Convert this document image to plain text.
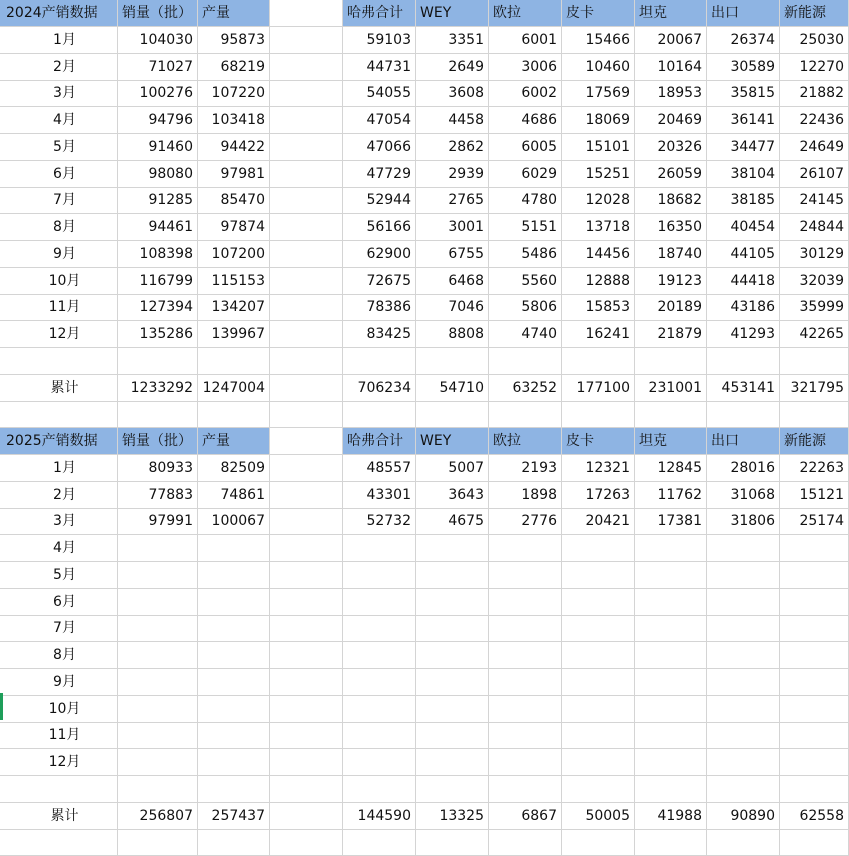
2024产销数据	销量（批） 产量	哈弗合计	WEY	欧拉	皮卡	坦克	出口	新能源
1月	104030	95873	59103	3351	6001	15466	20067	26374	25030
2月	71027	68219	44731	2649	3006	10460	10164	30589	12270
3月	100276	107220	54055	3608	6002	17569	18953	35815	21882
4月	94796	103418	47054	4458	4686	18069	20469	36141	22436
5月	91460	94422	47066	2862	6005	15101	20326	34477	24649
6月	98080	97981	47729	2939	6029	15251	26059	38104	26107
7月	91285	85470	52944	2765	4780	12028	18682	38185	24145
8月	94461	97874	56166	3001	5151	13718	16350	40454	24844
9月	108398	107200	62900	6755	5486	14456	18740	44105	30129
10月	116799	115153	72675	6468	5560	12888	19123	44418	32039
11月	127394	134207	78386	7046	5806	15853	20189	43186	35999
12月	135286	139967	83425	8808	4740	16241	21879	41293	42265
累计	1233292 1247004	706234	54710	63252	177100	231001	453141	321795
2025产销数据	销量（批） 产量	哈弗合计	WEY	欧拉	皮卡	坦克	出口	新能源
1月	80933	82509	48557	5007	2193	12321	12845	28016	22263
2月	77883	74861	43301	3643	1898	17263	11762	31068	15121
3月	97991	100067	52732	4675	2776	20421	17381	31806	25174
4月
5月
6月
7月
8月
9月
10月
11月
12月
累计	256807	257437	144590	13325	6867	50005	41988	90890	62558
